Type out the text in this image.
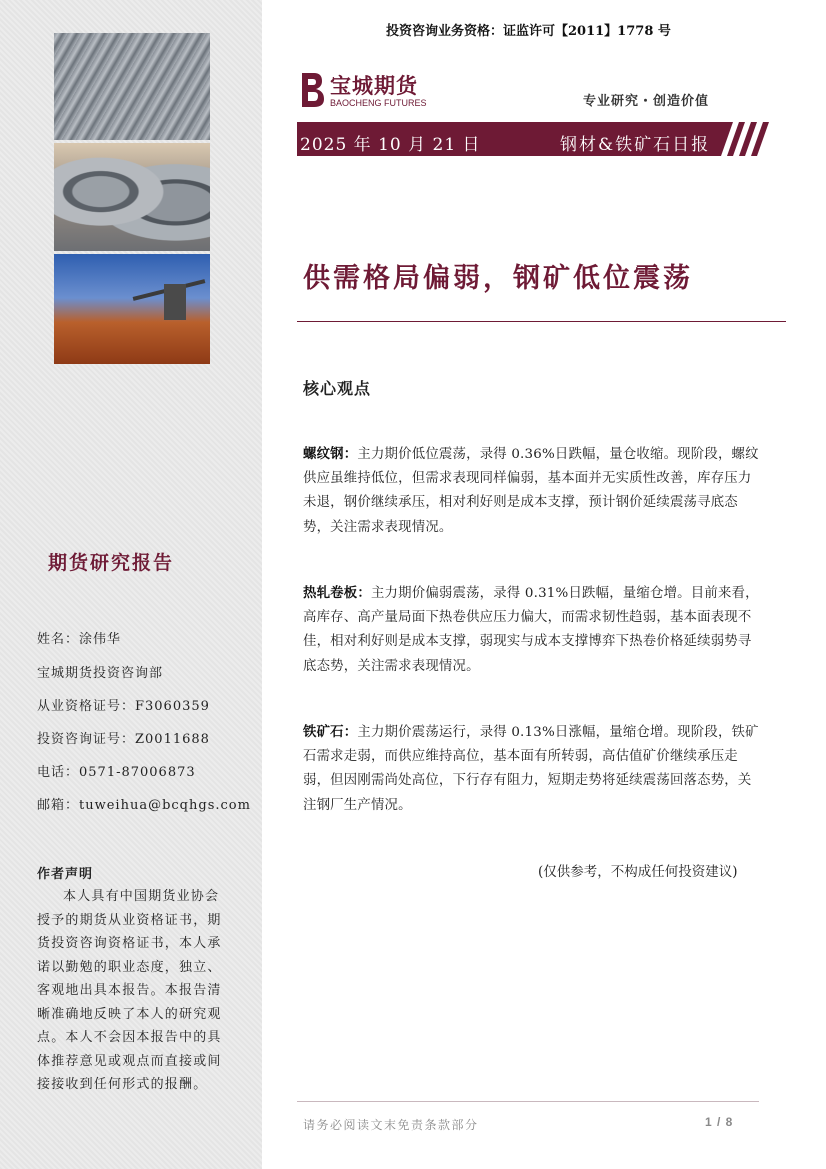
期货研究报告
姓名：涂伟华
宝城期货投资咨询部
从业资格证号：F3060359
投资咨询证号：Z0011688
电话：0571-87006873
邮箱：tuweihua@bcqhgs.com
作者声明

本人具有中国期货业协会授予的期货从业资格证书，期货投资咨询资格证书，本人承诺以勤勉的职业态度，独立、客观地出具本报告。本报告清晰准确地反映了本人的研究观点。本人不会因本报告中的具体推荐意见或观点而直接或间接接收到任何形式的报酬。

投资咨询业务资格：证监许可【2011】1778 号
宝城期货
BAOCHENG FUTURES	专业研究・创造价值
2025 年 10 月 21 日	钢材&铁矿石日报
供需格局偏弱，钢矿低位震荡
核心观点

螺纹钢：主力期价低位震荡，录得 0.36%日跌幅，量仓收缩。现阶段，螺纹供应虽维持低位，但需求表现同样偏弱，基本面并无实质性改善，库存压力未退，钢价继续承压，相对利好则是成本支撑，预计钢价延续震荡寻底态势，关注需求表现情况。

热轧卷板：主力期价偏弱震荡，录得 0.31%日跌幅，量缩仓增。目前来看，高库存、高产量局面下热卷供应压力偏大，而需求韧性趋弱，基本面表现不佳，相对利好则是成本支撑，弱现实与成本支撑博弈下热卷价格延续弱势寻底态势，关注需求表现情况。

铁矿石：主力期价震荡运行，录得 0.13%日涨幅，量缩仓增。现阶段，铁矿石需求走弱，而供应维持高位，基本面有所转弱，高估值矿价继续承压走弱，但因刚需尚处高位，下行存有阻力，短期走势将延续震荡回落态势，关注钢厂生产情况。

(仅供参考，不构成任何投资建议)
请务必阅读文末免责条款部分	1 / 8
